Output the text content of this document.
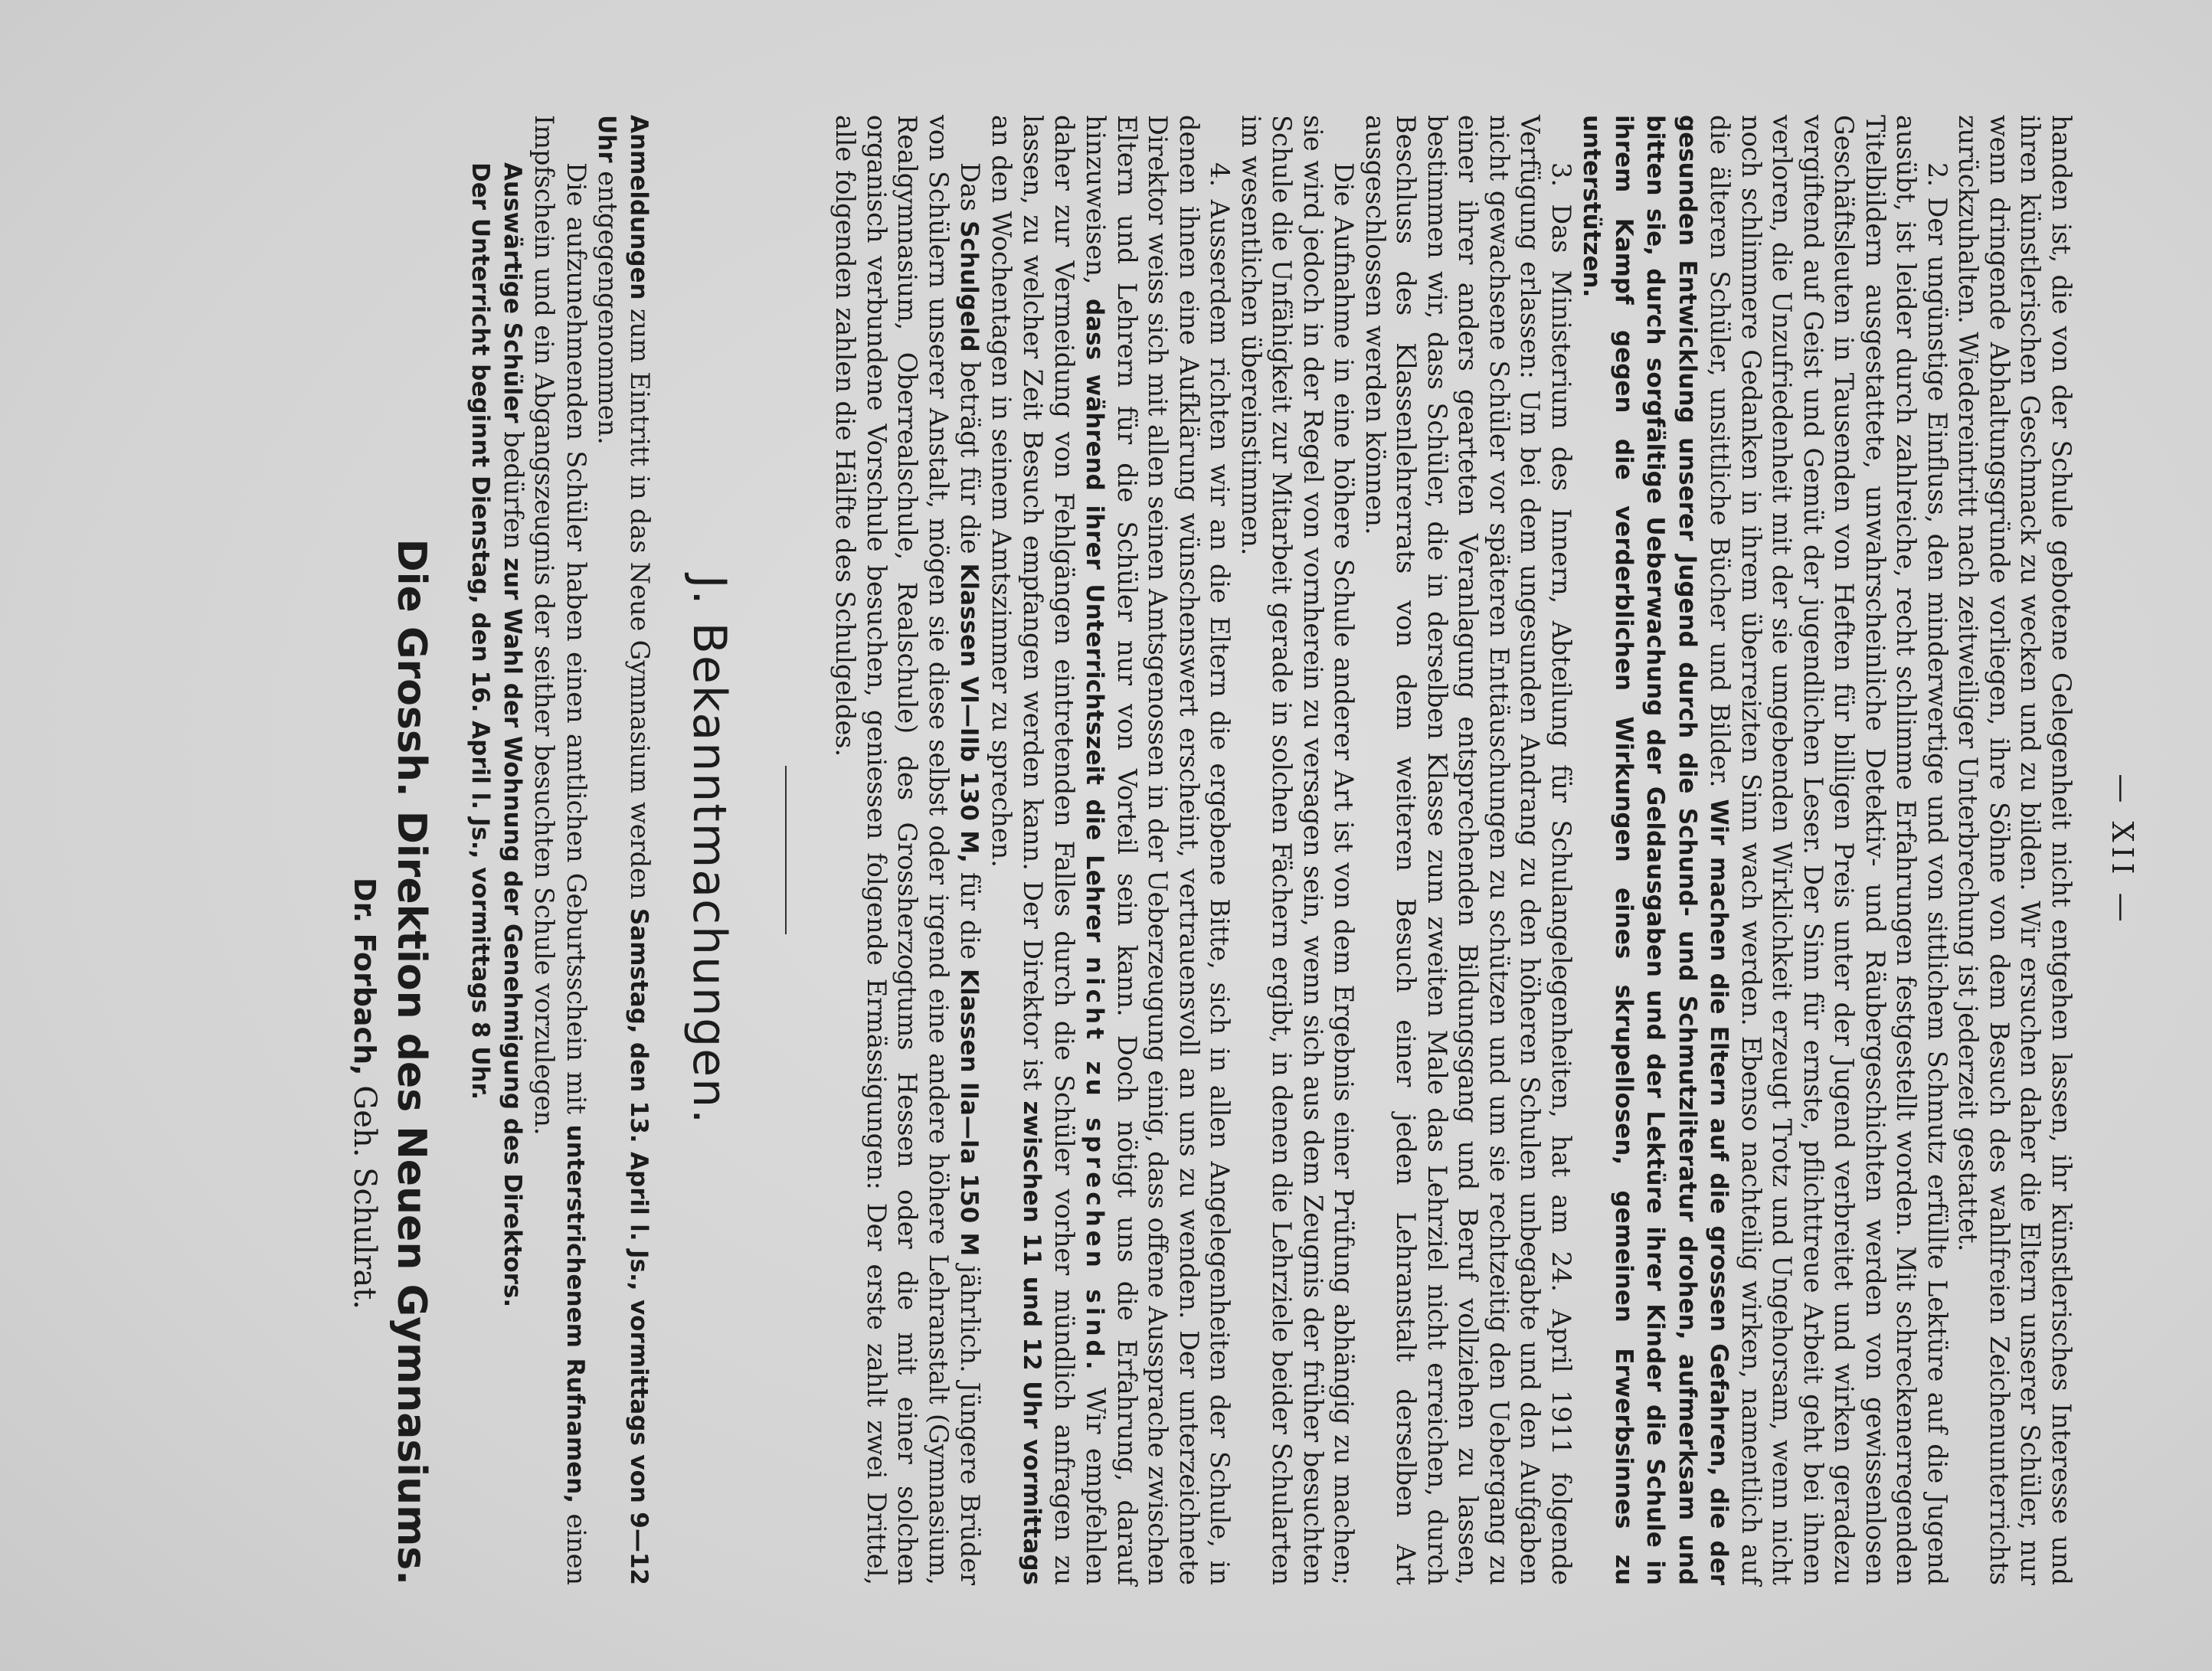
— XII —

handen ist, die von der Schule gebotene Gelegenheit nicht entgehen lassen, ihr künstlerisches Interesse und ihren künstlerischen Geschmack zu wecken und zu bilden. Wir ersuchen daher die Eltern unserer Schüler, nur wenn dringende Abhaltungsgründe vorliegen, ihre Söhne von dem Besuch des wahlfreien Zeichenunterrichts zurückzuhalten. Wiedereintritt nach zeitweiliger Unterbrechung ist jederzeit gestattet.

2. Der ungünstige Einfluss, den minderwertige und von sittlichem Schmutz erfüllte Lektüre auf die Jugend ausübt, ist leider durch zahlreiche, recht schlimme Erfahrungen festgestellt worden. Mit schreckenerregenden Titelbildern ausgestattete, unwahrscheinliche Detektiv- und Räubergeschichten werden von gewissenlosen Geschäftsleuten in Tausenden von Heften für billigen Preis unter der Jugend verbreitet und wirken geradezu vergiftend auf Geist und Gemüt der jugendlichen Leser. Der Sinn für ernste, pflichttreue Arbeit geht bei ihnen verloren, die Unzufriedenheit mit der sie umgebenden Wirklichkeit erzeugt Trotz und Ungehorsam, wenn nicht noch schlimmere Gedanken in ihrem überreizten Sinn wach werden. Ebenso nachteilig wirken, namentlich auf die älteren Schüler, unsittliche Bücher und Bilder. Wir machen die Eltern auf die grossen Gefahren, die der gesunden Entwicklung unserer Jugend durch die Schund- und Schmutzliteratur drohen, aufmerksam und bitten sie, durch sorgfältige Ueberwachung der Geldausgaben und der Lektüre ihrer Kinder die Schule in ihrem Kampf gegen die verderblichen Wirkungen eines skrupellosen, gemeinen Erwerbsinnes zu unterstützen.

3. Das Ministerium des Innern, Abteilung für Schulangelegenheiten, hat am 24. April 1911 folgende Verfügung erlassen: Um bei dem ungesunden Andrang zu den höheren Schulen unbegabte und den Aufgaben nicht gewachsene Schüler vor späteren Enttäuschungen zu schützen und um sie rechtzeitig den Uebergang zu einer ihrer anders gearteten Veranlagung entsprechenden Bildungsgang und Beruf vollziehen zu lassen, bestimmen wir, dass Schüler, die in derselben Klasse zum zweiten Male das Lehrziel nicht erreichen, durch Beschluss des Klassenlehrerrats von dem weiteren Besuch einer jeden Lehranstalt derselben Art ausgeschlossen werden können.

Die Aufnahme in eine höhere Schule anderer Art ist von dem Ergebnis einer Prüfung abhängig zu machen; sie wird jedoch in der Regel von vornherein zu versagen sein, wenn sich aus dem Zeugnis der früher besuchten Schule die Unfähigkeit zur Mitarbeit gerade in solchen Fächern ergibt, in denen die Lehrziele beider Schularten im wesentlichen übereinstimmen.

4. Ausserdem richten wir an die Eltern die ergebene Bitte, sich in allen Angelegenheiten der Schule, in denen ihnen eine Aufklärung wünschenswert erscheint, vertrauensvoll an uns zu wenden. Der unterzeichnete Direktor weiss sich mit allen seinen Amtsgenossen in der Ueberzeugung einig, dass offene Aussprache zwischen Eltern und Lehrern für die Schüler nur von Vorteil sein kann. Doch nötigt uns die Erfahrung, darauf hinzuweisen, dass während ihrer Unterrichtszeit die Lehrer nicht zu sprechen sind. Wir empfehlen daher zur Vermeidung von Fehlgängen eintretenden Falles durch die Schüler vorher mündlich anfragen zu lassen, zu welcher Zeit Besuch empfangen werden kann. Der Direktor ist zwischen 11 und 12 Uhr vormittags an den Wochentagen in seinem Amtszimmer zu sprechen.

Das Schulgeld beträgt für die Klassen VI—IIb 130 M, für die Klassen IIa—Ia 150 M jährlich. Jüngere Brüder von Schülern unserer Anstalt, mögen sie diese selbst oder irgend eine andere höhere Lehranstalt (Gymnasium, Realgymnasium, Oberrealschule, Realschule) des Grossherzogtums Hessen oder die mit einer solchen organisch verbundene Vorschule besuchen, geniessen folgende Ermässigungen: Der erste zahlt zwei Drittel, alle folgenden zahlen die Hälfte des Schulgeldes.

J. Bekanntmachungen.

Anmeldungen zum Eintritt in das Neue Gymnasium werden Samstag, den 13. April l. Js., vormittags von 9—12 Uhr entgegengenommen.

Die aufzunehmenden Schüler haben einen amtlichen Geburtsschein mit unterstrichenem Rufnamen, einen Impfschein und ein Abgangszeugnis der seither besuchten Schule vorzulegen.

Auswärtige Schüler bedürfen zur Wahl der Wohnung der Genehmigung des Direktors.

Der Unterricht beginnt Dienstag, den 16. April l. Js., vormittags 8 Uhr.

Die Grossh. Direktion des Neuen Gymnasiums.
Dr. Forbach, Geh. Schulrat.
